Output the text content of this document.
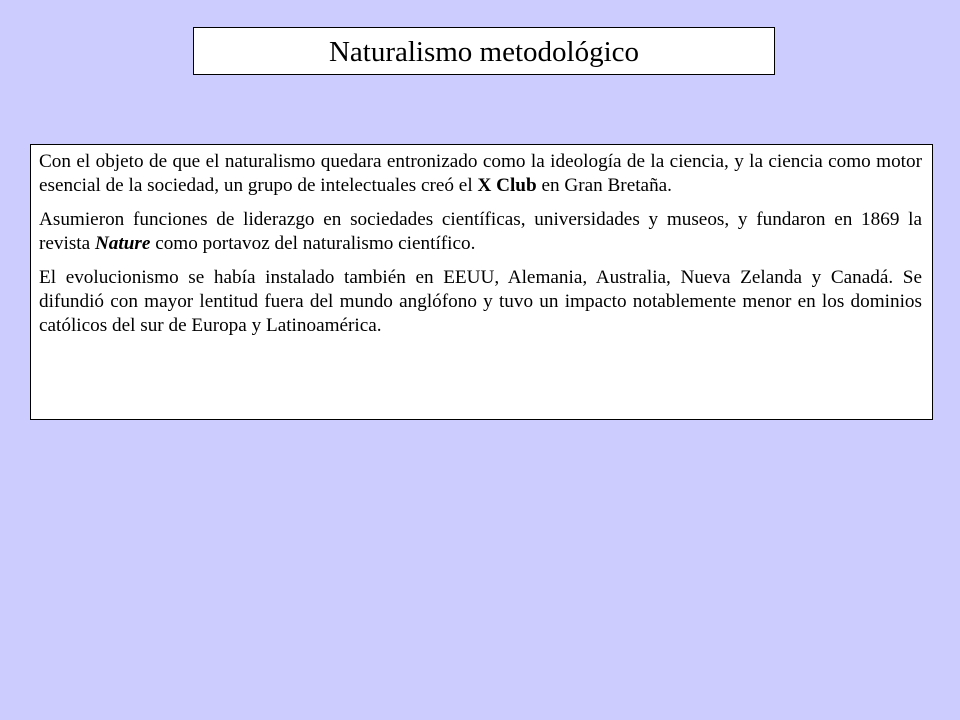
Naturalismo metodológico

Con el objeto de que el naturalismo quedara entronizado como la ideología de la ciencia, y la ciencia como motor esencial de la sociedad, un grupo de intelectuales creó el X Club en Gran Bretaña.

Asumieron funciones de liderazgo en sociedades científicas, universidades y museos, y fundaron en 1869 la revista Nature como portavoz del naturalismo científico.

El evolucionismo se había instalado también en EEUU, Alemania, Australia, Nueva Zelanda y Canadá. Se difundió con mayor lentitud fuera del mundo anglófono y tuvo un impacto notablemente menor en los dominios católicos del sur de Europa y Latinoamérica.
